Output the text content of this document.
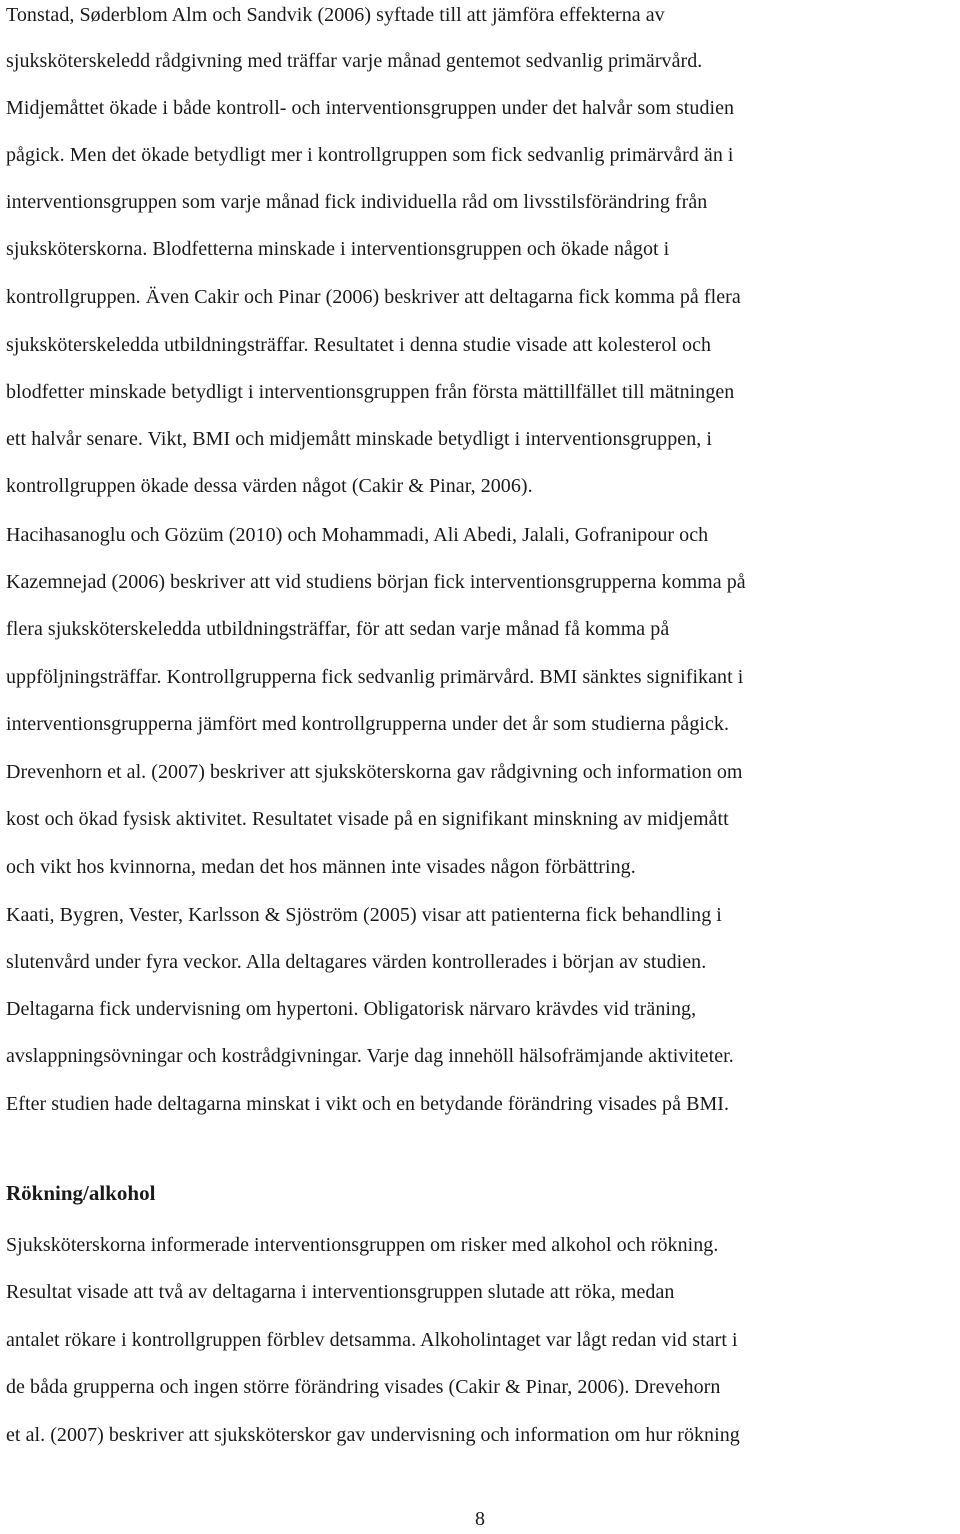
Tonstad, Søderblom Alm och Sandvik (2006) syftade till att jämföra effekterna av
sjuksköterskeledd rådgivning med träffar varje månad gentemot sedvanlig primärvård.
Midjemåttet ökade i både kontroll- och interventionsgruppen under det halvår som studien
pågick. Men det ökade betydligt mer i kontrollgruppen som fick sedvanlig primärvård än i
interventionsgruppen som varje månad fick individuella råd om livsstilsförändring från
sjuksköterskorna. Blodfetterna minskade i interventionsgruppen och ökade något i
kontrollgruppen. Även Cakir och Pinar (2006) beskriver att deltagarna fick komma på flera
sjuksköterskeledda utbildningsträffar. Resultatet i denna studie visade att kolesterol och
blodfetter minskade betydligt i interventionsgruppen från första mättillfället till mätningen
ett halvår senare. Vikt, BMI och midjemått minskade betydligt i interventionsgruppen, i
kontrollgruppen ökade dessa värden något (Cakir & Pinar, 2006).
Hacihasanoglu och Gözüm (2010) och Mohammadi, Ali Abedi, Jalali, Gofranipour och
Kazemnejad (2006) beskriver att vid studiens början fick interventionsgrupperna komma på
flera sjuksköterskeledda utbildningsträffar, för att sedan varje månad få komma på
uppföljningsträffar. Kontrollgrupperna fick sedvanlig primärvård. BMI sänktes signifikant i
interventionsgrupperna jämfört med kontrollgrupperna under det år som studierna pågick.
Drevenhorn et al. (2007) beskriver att sjuksköterskorna gav rådgivning och information om
kost och ökad fysisk aktivitet. Resultatet visade på en signifikant minskning av midjemått
och vikt hos kvinnorna, medan det hos männen inte visades någon förbättring.
Kaati, Bygren, Vester, Karlsson & Sjöström (2005) visar att patienterna fick behandling i
slutenvård under fyra veckor. Alla deltagares värden kontrollerades i början av studien.
Deltagarna fick undervisning om hypertoni. Obligatorisk närvaro krävdes vid träning,
avslappningsövningar och kostrådgivningar. Varje dag innehöll hälsofrämjande aktiviteter.
Efter studien hade deltagarna minskat i vikt och en betydande förändring visades på BMI.
Rökning/alkohol
Sjuksköterskorna informerade interventionsgruppen om risker med alkohol och rökning.
Resultat visade att två av deltagarna i interventionsgruppen slutade att röka, medan
antalet rökare i kontrollgruppen förblev detsamma. Alkoholintaget var lågt redan vid start i
de båda grupperna och ingen större förändring visades (Cakir & Pinar, 2006). Drevehorn
et al. (2007) beskriver att sjuksköterskor gav undervisning och information om hur rökning
8
